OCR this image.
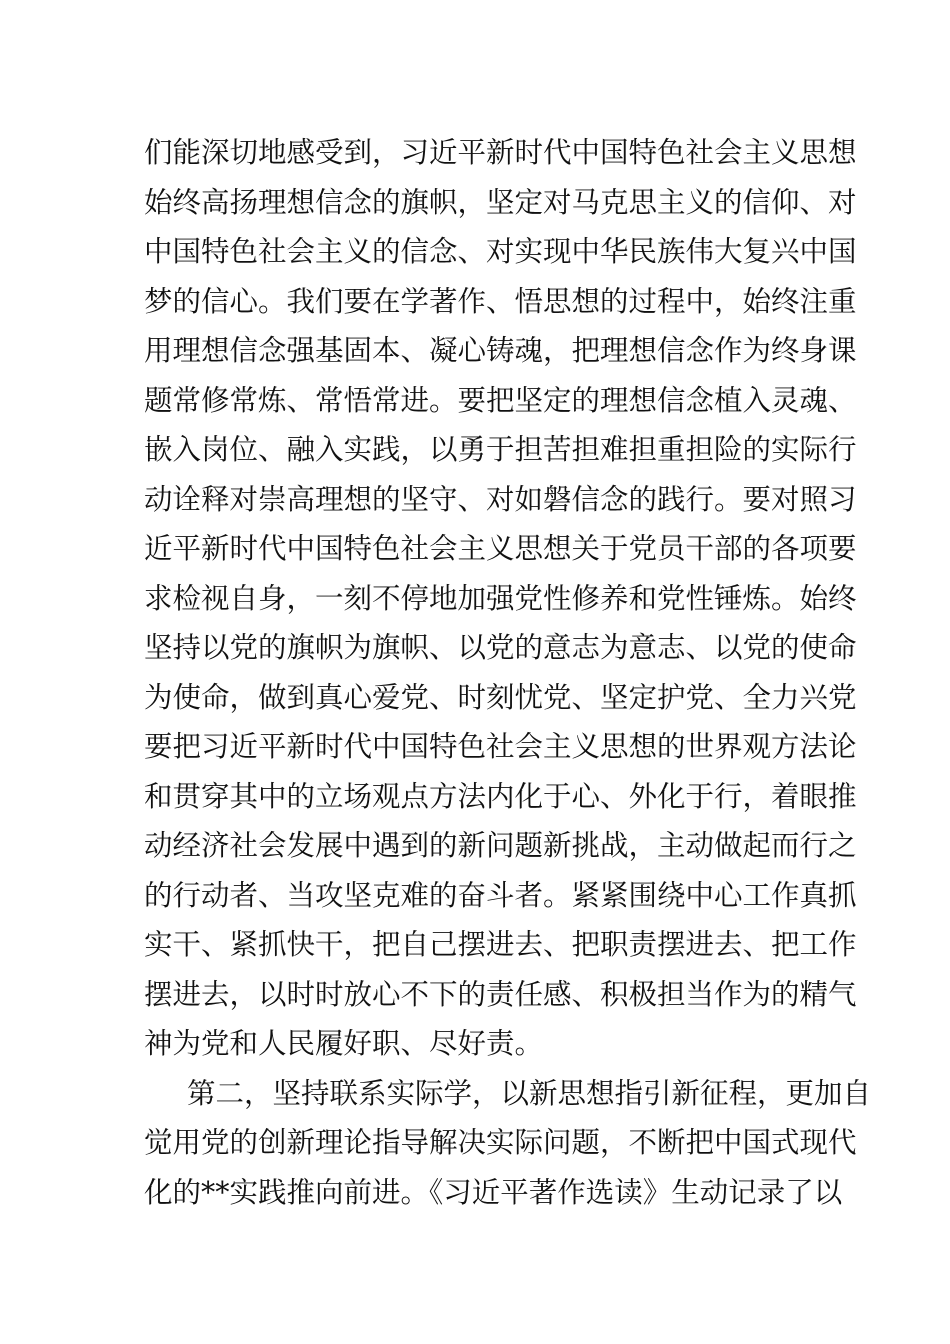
们能深切地感受到，习近平新时代中国特色社会主义思想
始终高扬理想信念的旗帜，坚定对马克思主义的信仰、对
中国特色社会主义的信念、对实现中华民族伟大复兴中国
梦的信心。我们要在学著作、悟思想的过程中，始终注重
用理想信念强基固本、凝心铸魂，把理想信念作为终身课
题常修常炼、常悟常进。要把坚定的理想信念植入灵魂、
嵌入岗位、融入实践，以勇于担苦担难担重担险的实际行
动诠释对崇高理想的坚守、对如磐信念的践行。要对照习
近平新时代中国特色社会主义思想关于党员干部的各项要
求检视自身，一刻不停地加强党性修养和党性锤炼。始终
坚持以党的旗帜为旗帜、以党的意志为意志、以党的使命
为使命，做到真心爱党、时刻忧党、坚定护党、全力兴党
要把习近平新时代中国特色社会主义思想的世界观方法论
和贯穿其中的立场观点方法内化于心、外化于行，着眼推
动经济社会发展中遇到的新问题新挑战，主动做起而行之
的行动者、当攻坚克难的奋斗者。紧紧围绕中心工作真抓
实干、紧抓快干，把自己摆进去、把职责摆进去、把工作
摆进去，以时时放心不下的责任感、积极担当作为的精气
神为党和人民履好职、尽好责。
第二，坚持联系实际学，以新思想指引新征程，更加自
觉用党的创新理论指导解决实际问题，不断把中国式现代
化的**实践推向前进。《习近平著作选读》生动记录了以
